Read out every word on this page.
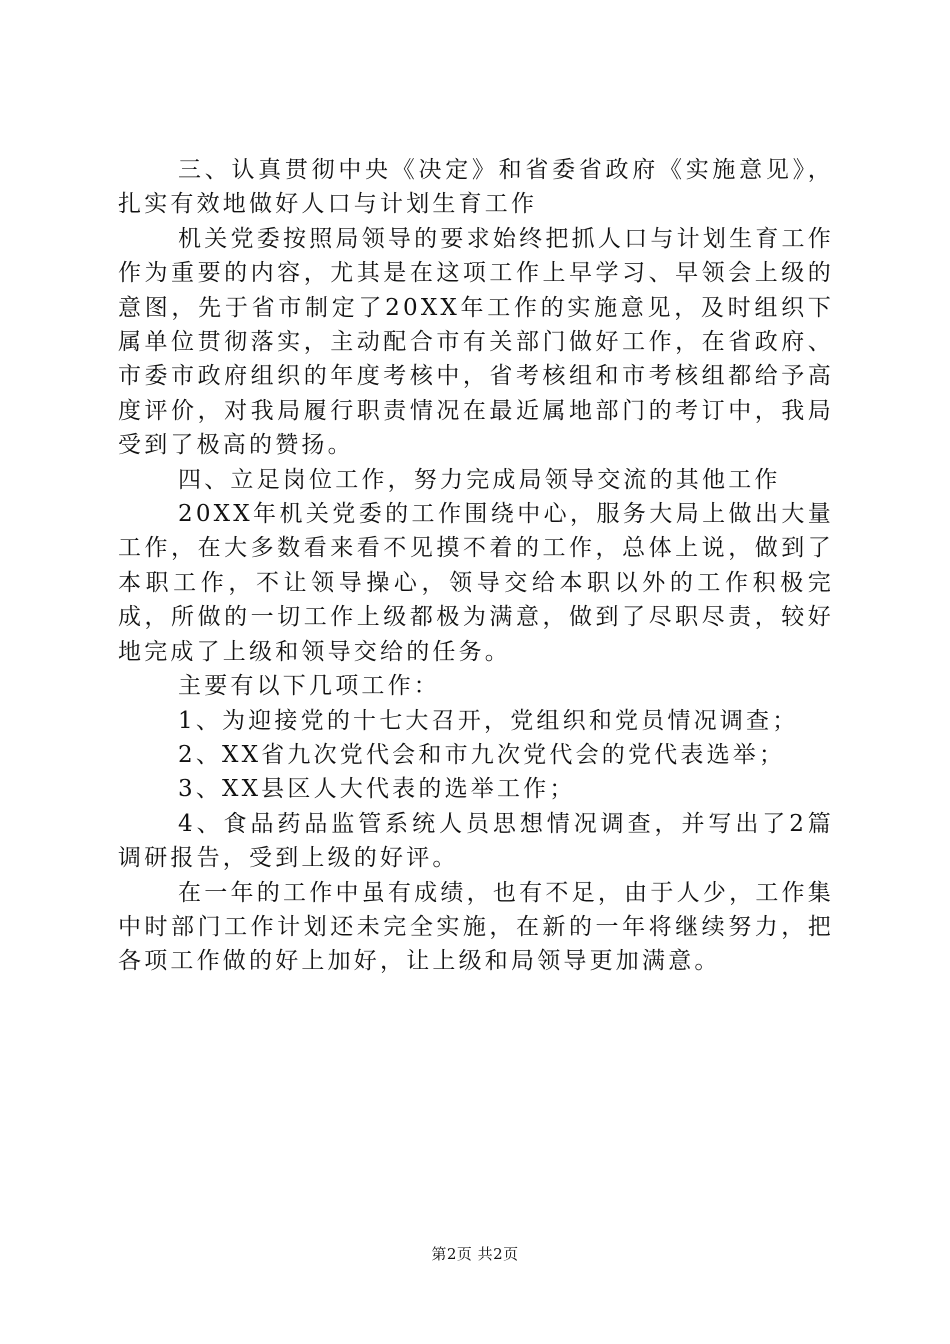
三、认真贯彻中央《决定》和省委省政府《实施意见》，扎实有效地做好人口与计划生育工作

机关党委按照局领导的要求始终把抓人口与计划生育工作作为重要的内容，尤其是在这项工作上早学习、早领会上级的意图，先于省市制定了20XX年工作的实施意见，及时组织下属单位贯彻落实，主动配合市有关部门做好工作，在省政府、市委市政府组织的年度考核中，省考核组和市考核组都给予高度评价，对我局履行职责情况在最近属地部门的考订中，我局受到了极高的赞扬。

四、立足岗位工作，努力完成局领导交流的其他工作

20XX年机关党委的工作围绕中心，服务大局上做出大量工作，在大多数看来看不见摸不着的工作，总体上说，做到了本职工作，不让领导操心，领导交给本职以外的工作积极完成，所做的一切工作上级都极为满意，做到了尽职尽责，较好地完成了上级和领导交给的任务。

主要有以下几项工作：

1、为迎接党的十七大召开，党组织和党员情况调查；

2、XX省九次党代会和市九次党代会的党代表选举；

3、XX县区人大代表的选举工作；

4、食品药品监管系统人员思想情况调查，并写出了2篇调研报告，受到上级的好评。

在一年的工作中虽有成绩，也有不足，由于人少，工作集中时部门工作计划还未完全实施，在新的一年将继续努力，把各项工作做的好上加好，让上级和局领导更加满意。

第2页 共2页
